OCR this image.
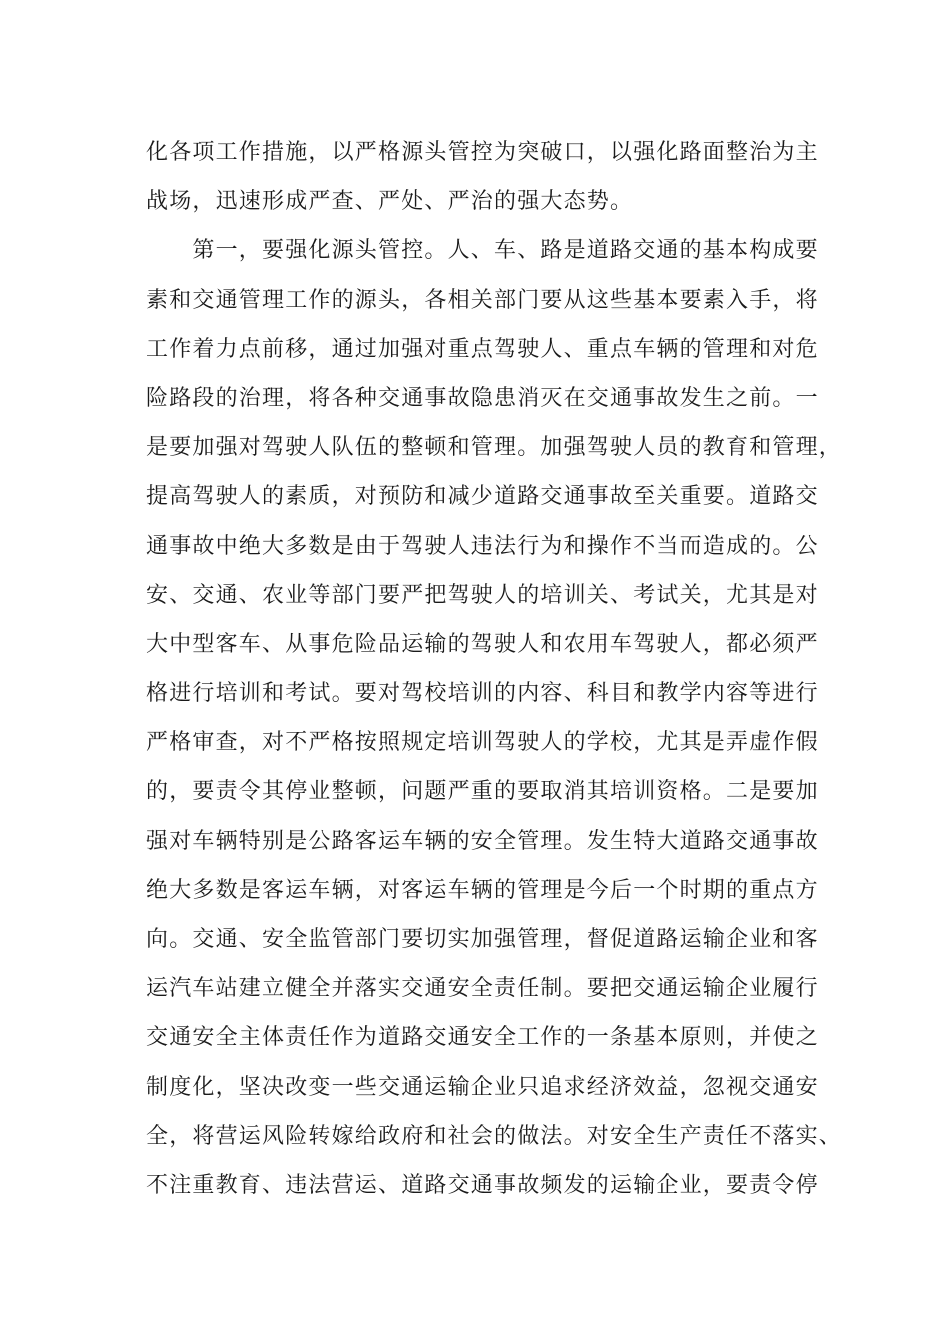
化各项工作措施，以严格源头管控为突破口，以强化路面整治为主
战场，迅速形成严查、严处、严治的强大态势。
　　第一，要强化源头管控。人、车、路是道路交通的基本构成要
素和交通管理工作的源头，各相关部门要从这些基本要素入手，将
工作着力点前移，通过加强对重点驾驶人、重点车辆的管理和对危
险路段的治理，将各种交通事故隐患消灭在交通事故发生之前。一
是要加强对驾驶人队伍的整顿和管理。加强驾驶人员的教育和管理，
提高驾驶人的素质，对预防和减少道路交通事故至关重要。道路交
通事故中绝大多数是由于驾驶人违法行为和操作不当而造成的。公
安、交通、农业等部门要严把驾驶人的培训关、考试关，尤其是对
大中型客车、从事危险品运输的驾驶人和农用车驾驶人，都必须严
格进行培训和考试。要对驾校培训的内容、科目和教学内容等进行
严格审查，对不严格按照规定培训驾驶人的学校，尤其是弄虚作假
的，要责令其停业整顿，问题严重的要取消其培训资格。二是要加
强对车辆特别是公路客运车辆的安全管理。发生特大道路交通事故
绝大多数是客运车辆，对客运车辆的管理是今后一个时期的重点方
向。交通、安全监管部门要切实加强管理，督促道路运输企业和客
运汽车站建立健全并落实交通安全责任制。要把交通运输企业履行
交通安全主体责任作为道路交通安全工作的一条基本原则，并使之
制度化，坚决改变一些交通运输企业只追求经济效益，忽视交通安
全，将营运风险转嫁给政府和社会的做法。对安全生产责任不落实、
不注重教育、违法营运、道路交通事故频发的运输企业，要责令停
